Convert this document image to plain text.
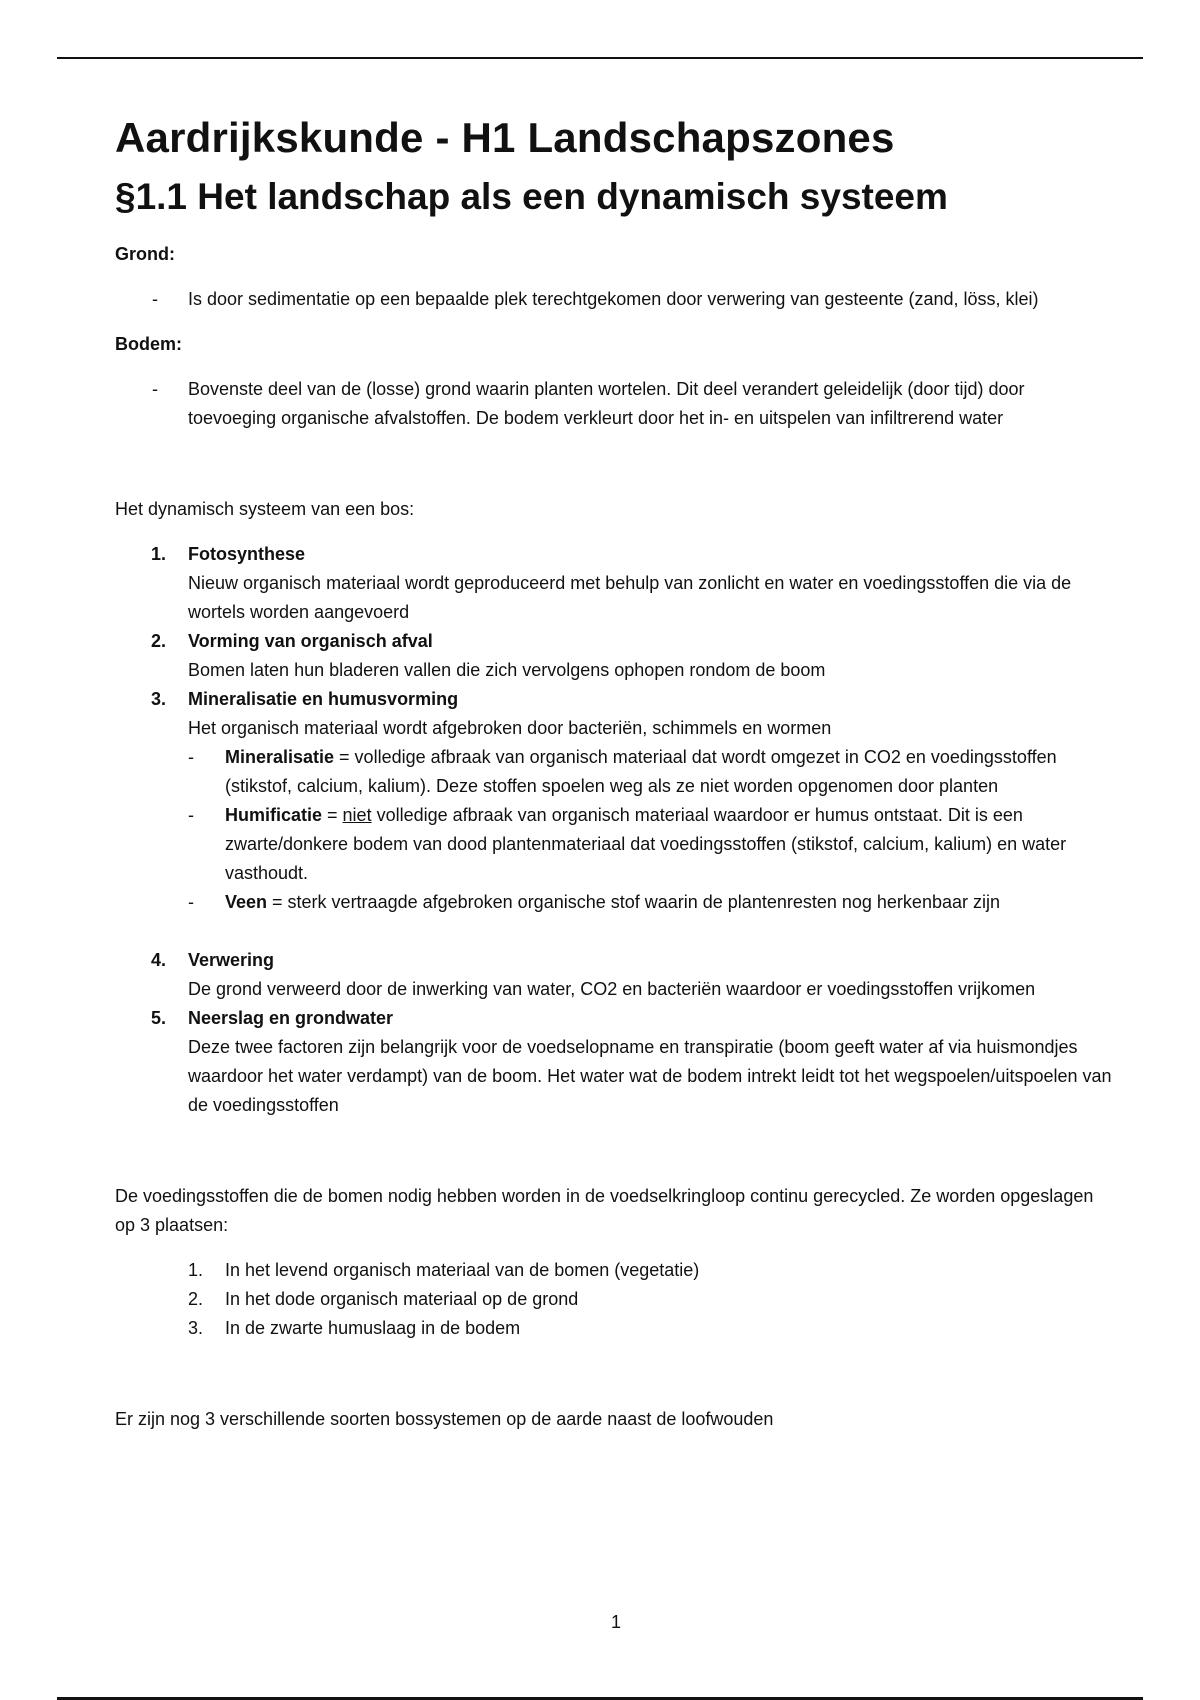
Aardrijkskunde - H1 Landschapszones
§1.1 Het landschap als een dynamisch systeem

Grond:

-	Is door sedimentatie op een bepaalde plek terechtgekomen door verwering van gesteente (zand, löss, klei)

Bodem:

-	Bovenste deel van de (losse) grond waarin planten wortelen. Dit deel verandert geleidelijk (door tijd) door toevoeging organische afvalstoffen. De bodem verkleurt door het in- en uitspelen van infiltrerend water

Het dynamisch systeem van een bos:

1.	Fotosynthese
Nieuw organisch materiaal wordt geproduceerd met behulp van zonlicht en water en voedingsstoffen die via de wortels worden aangevoerd
2.	Vorming van organisch afval
Bomen laten hun bladeren vallen die zich vervolgens ophopen rondom de boom
3.	Mineralisatie en humusvorming
Het organisch materiaal wordt afgebroken door bacteriën, schimmels en wormen
-	Mineralisatie = volledige afbraak van organisch materiaal dat wordt omgezet in CO2 en voedingsstoffen (stikstof, calcium, kalium). Deze stoffen spoelen weg als ze niet worden opgenomen door planten
-	Humificatie = niet volledige afbraak van organisch materiaal waardoor er humus ontstaat. Dit is een zwarte/donkere bodem van dood plantenmateriaal dat voedingsstoffen (stikstof, calcium, kalium) en water vasthoudt.
-	Veen = sterk vertraagde afgebroken organische stof waarin de plantenresten nog herkenbaar zijn
4.	Verwering
De grond verweerd door de inwerking van water, CO2 en bacteriën waardoor er voedingsstoffen vrijkomen
5.	Neerslag en grondwater
Deze twee factoren zijn belangrijk voor de voedselopname en transpiratie (boom geeft water af via huismondjes waardoor het water verdampt) van de boom. Het water wat de bodem intrekt leidt tot het wegspoelen/uitspoelen van de voedingsstoffen

De voedingsstoffen die de bomen nodig hebben worden in de voedselkringloop continu gerecycled. Ze worden opgeslagen op 3 plaatsen:

1.	In het levend organisch materiaal van de bomen (vegetatie)
2.	In het dode organisch materiaal op de grond
3.	In de zwarte humuslaag in de bodem

Er zijn nog 3 verschillende soorten bossystemen op de aarde naast de loofwouden

1
